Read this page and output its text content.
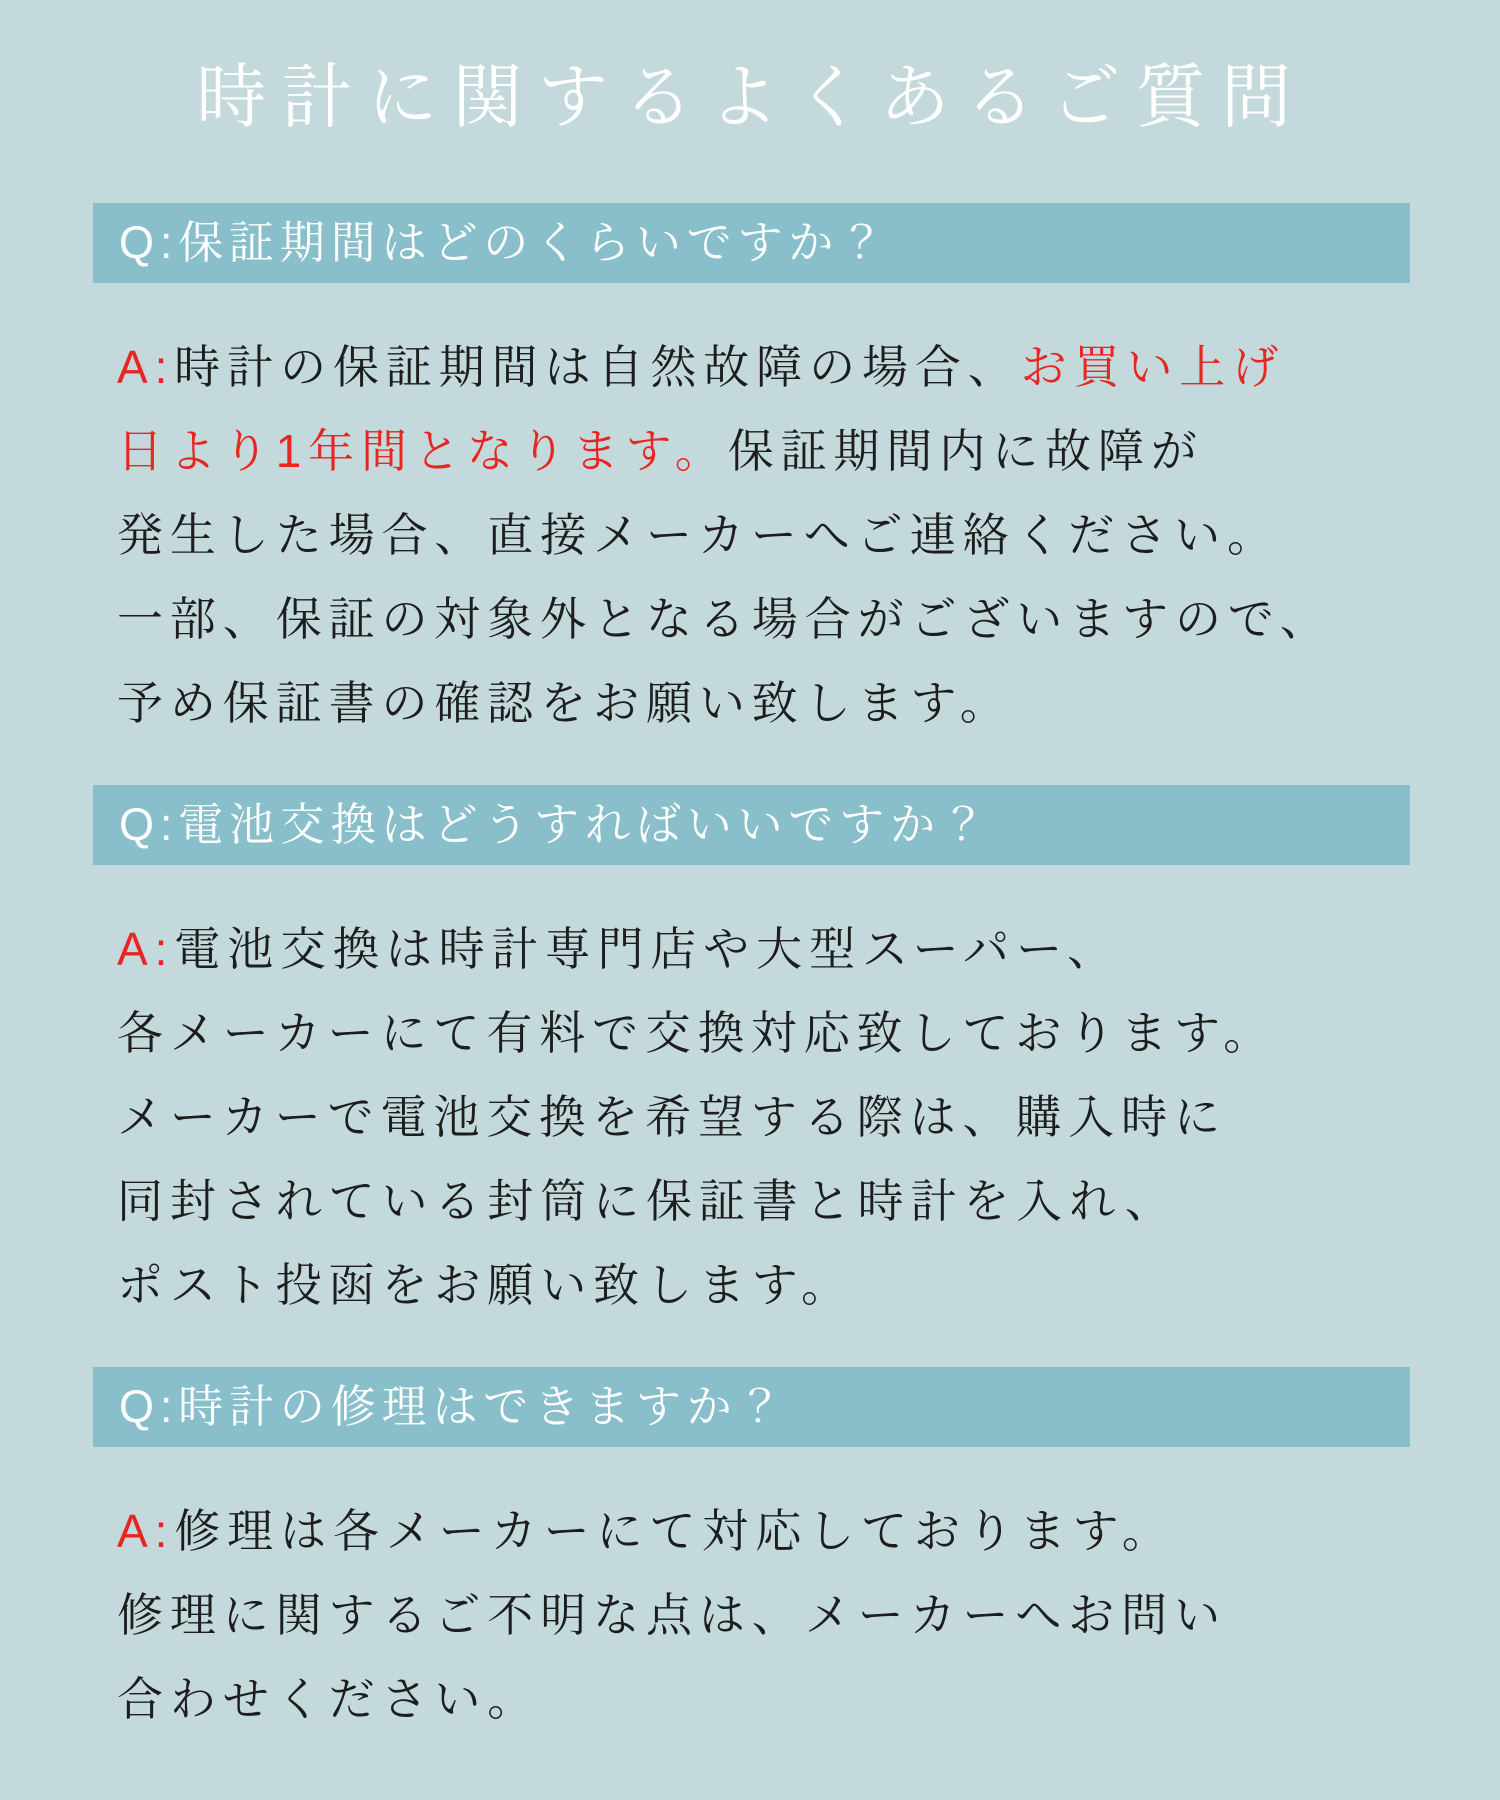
時計に関するよくあるご質問
Q:保証期間はどのくらいですか？
A:時計の保証期間は自然故障の場合、お買い上げ
日より1年間となります。保証期間内に故障が
発生した場合、直接メーカーへご連絡ください。
一部、保証の対象外となる場合がございますので、
予め保証書の確認をお願い致します。
Q:電池交換はどうすればいいですか？
A:電池交換は時計専門店や大型スーパー、
各メーカーにて有料で交換対応致しております。
メーカーで電池交換を希望する際は、購入時に
同封されている封筒に保証書と時計を入れ、
ポスト投函をお願い致します。
Q:時計の修理はできますか？
A:修理は各メーカーにて対応しております。
修理に関するご不明な点は、メーカーへお問い
合わせください。
